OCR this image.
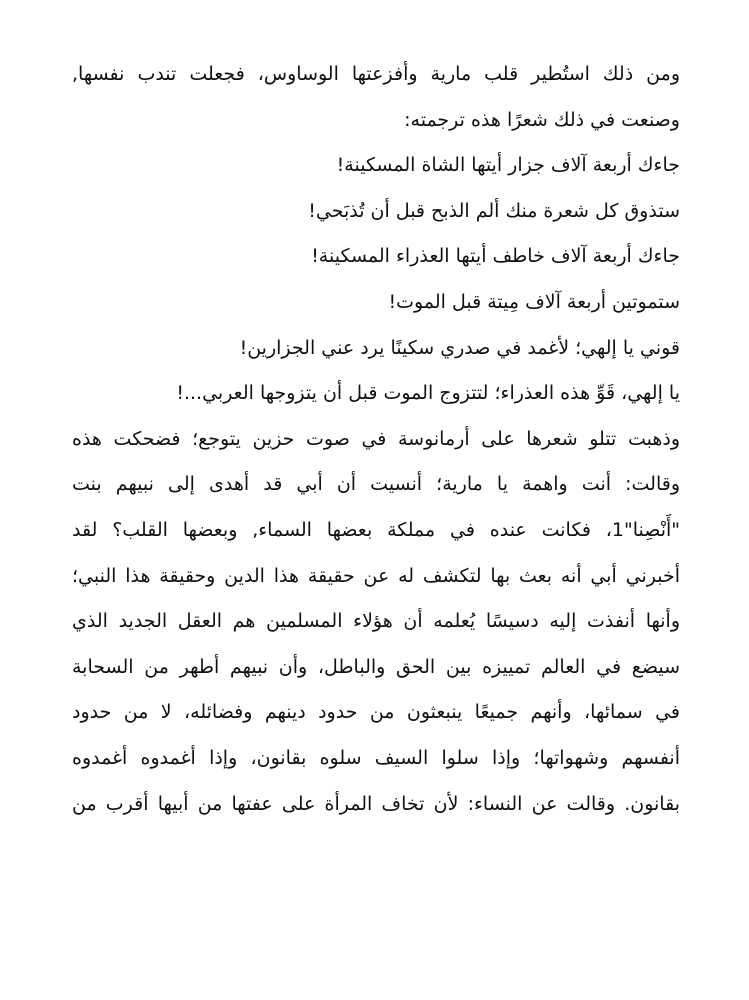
ومن ذلك استُطير قلب مارية وأفزعتها الوساوس، فجعلت تندب نفسها,
وصنعت في ذلك شعرًا هذه ترجمته:
جاءك أربعة آلاف جزار أيتها الشاة المسكينة!
ستذوق كل شعرة منك ألم الذبح قبل أن تُذبَحي!
جاءك أربعة آلاف خاطف أيتها العذراء المسكينة!
ستموتين أربعة آلاف مِيتة قبل الموت!
قوني يا إلهي؛ لأغمد في صدري سكينًا يرد عني الجزارين!
يا إلهي، قَوِّ هذه العذراء؛ لتتزوج الموت قبل أن يتزوجها العربي...!
وذهبت تتلو شعرها على أرمانوسة في صوت حزين يتوجع؛ فضحكت هذه
وقالت: أنت واهمة يا مارية؛ أنسيت أن أبي قد أهدى إلى نبيهم بنت
"أَنْصِنا"1، فكانت عنده في مملكة بعضها السماء, وبعضها القلب؟ لقد
أخبرني أبي أنه بعث بها لتكشف له عن حقيقة هذا الدين وحقيقة هذا النبي؛
وأنها أنفذت إليه دسيسًا يُعلمه أن هؤلاء المسلمين هم العقل الجديد الذي
سيضع في العالم تمييزه بين الحق والباطل، وأن نبيهم أطهر من السحابة
في سمائها، وأنهم جميعًا ينبعثون من حدود دينهم وفضائله، لا من حدود
أنفسهم وشهواتها؛ وإذا سلوا السيف سلوه بقانون، وإذا أغمدوه أغمدوه
بقانون. وقالت عن النساء: لأن تخاف المرأة على عفتها من أبيها أقرب من
